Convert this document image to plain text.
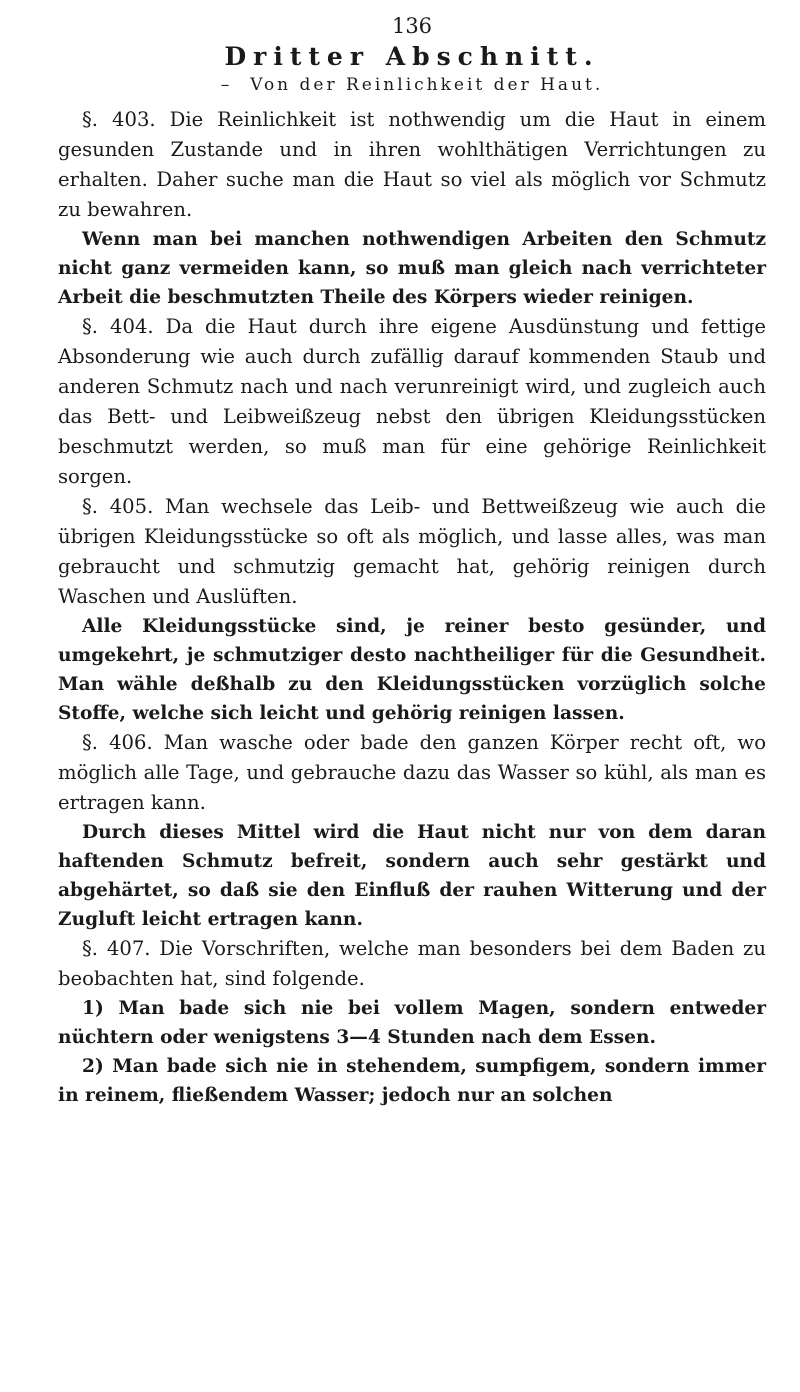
136
Dritter Abschnitt.
– Von der Reinlichkeit der Haut.

§. 403. Die Reinlichkeit ist nothwendig um die Haut in einem gesunden Zustande und in ihren wohlthätigen Verrichtungen zu erhalten. Daher suche man die Haut so viel als möglich vor Schmutz zu bewahren.

Wenn man bei manchen nothwendigen Arbeiten den Schmutz nicht ganz vermeiden kann, so muß man gleich nach verrichteter Arbeit die beschmutzten Theile des Körpers wieder reinigen.

§. 404. Da die Haut durch ihre eigene Ausdünstung und fettige Absonderung wie auch durch zufällig darauf kommenden Staub und anderen Schmutz nach und nach verunreinigt wird, und zugleich auch das Bett- und Leibweißzeug nebst den übrigen Kleidungsstücken beschmutzt werden, so muß man für eine gehörige Reinlichkeit sorgen.

§. 405. Man wechsele das Leib- und Bettweißzeug wie auch die übrigen Kleidungsstücke so oft als möglich, und lasse alles, was man gebraucht und schmutzig gemacht hat, gehörig reinigen durch Waschen und Auslüften.

Alle Kleidungsstücke sind, je reiner besto gesünder, und umgekehrt, je schmutziger desto nachtheiliger für die Gesundheit. Man wähle deßhalb zu den Kleidungsstücken vorzüglich solche Stoffe, welche sich leicht und gehörig reinigen lassen.

§. 406. Man wasche oder bade den ganzen Körper recht oft, wo möglich alle Tage, und gebrauche dazu das Wasser so kühl, als man es ertragen kann.

Durch dieses Mittel wird die Haut nicht nur von dem daran haftenden Schmutz befreit, sondern auch sehr gestärkt und abgehärtet, so daß sie den Einfluß der rauhen Witterung und der Zugluft leicht ertragen kann.

§. 407. Die Vorschriften, welche man besonders bei dem Baden zu beobachten hat, sind folgende.

1) Man bade sich nie bei vollem Magen, sondern entweder nüchtern oder wenigstens 3—4 Stunden nach dem Essen.
2) Man bade sich nie in stehendem, sumpfigem, sondern immer in reinem, fließendem Wasser; jedoch nur an solchen
